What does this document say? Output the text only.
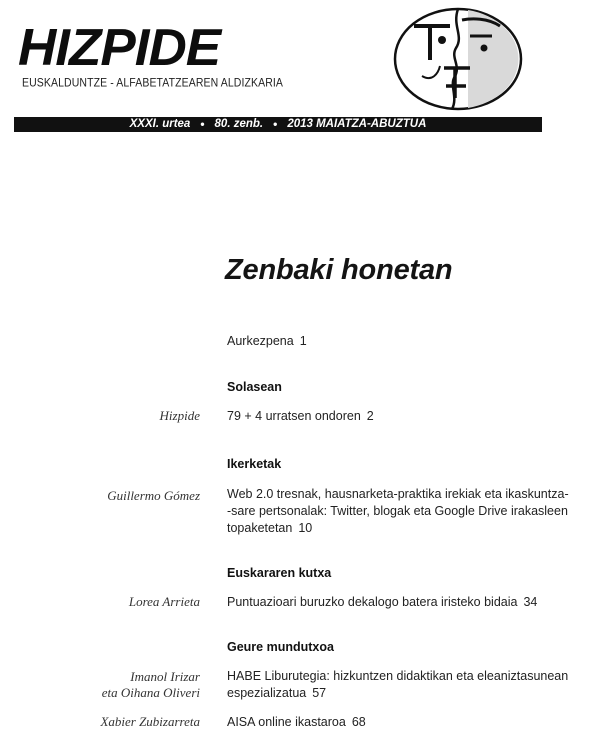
HIZPIDE
EUSKALDUNTZE - ALFABETATZEAREN ALDIZKARIA
XXXI. urtea • 80. zenb. • 2013 MAIATZA-ABUZTUA
Zenbaki honetan
Aurkezpena 1
Solasean
Hizpide 79 + 4 urratsen ondoren 2
Ikerketak
Guillermo Gómez Web 2.0 tresnak, hausnarketa-praktika irekiak eta ikaskuntza-
-sare pertsonalak: Twitter, blogak eta Google Drive irakasleen
topaketetan 10
Euskararen kutxa
Lorea Arrieta Puntuazioari buruzko dekalogo batera iristeko bidaia 34
Geure mundutxoa
Imanol Irizar
eta Oihana Oliveri
HABE Liburutegia: hizkuntzen didaktikan eta eleaniztasunean
espezializatua 57
Xabier Zubizarreta AISA online ikastaroa 68
